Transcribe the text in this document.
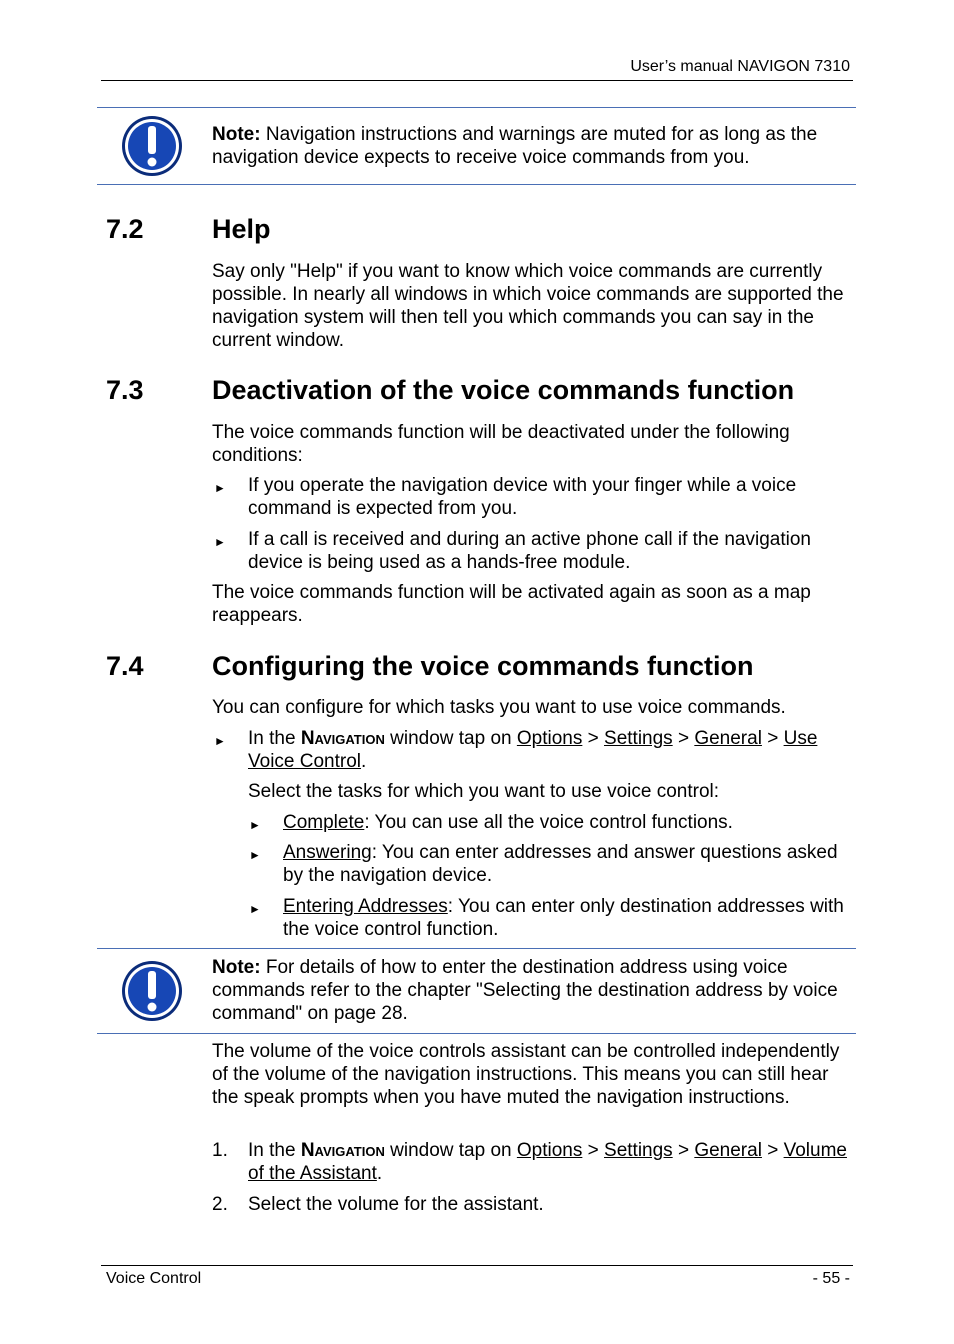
User’s manual NAVIGON 7310

Note: Navigation instructions and warnings are muted for as long as the navigation device expects to receive voice commands from you.

7.2	Help

Say only "Help" if you want to know which voice commands are currently possible. In nearly all windows in which voice commands are supported the navigation system will then tell you which commands you can say in the current window.

7.3	Deactivation of the voice commands function

The voice commands function will be deactivated under the following conditions:

► If you operate the navigation device with your finger while a voice command is expected from you.

► If a call is received and during an active phone call if the navigation device is being used as a hands-free module.

The voice commands function will be activated again as soon as a map reappears.

7.4	Configuring the voice commands function

You can configure for which tasks you want to use voice commands.

► In the Navigation window tap on Options > Settings > General > Use Voice Control.

Select the tasks for which you want to use voice control:

► Complete: You can use all the voice control functions.

► Answering: You can enter addresses and answer questions asked by the navigation device.

► Entering Addresses: You can enter only destination addresses with the voice control function.

Note: For details of how to enter the destination address using voice commands refer to the chapter "Selecting the destination address by voice command" on page 28.

The volume of the voice controls assistant can be controlled independently of the volume of the navigation instructions. This means you can still hear the speak prompts when you have muted the navigation instructions.

1. In the Navigation window tap on Options > Settings > General > Volume of the Assistant.

2. Select the volume for the assistant.

Voice Control	- 55 -
